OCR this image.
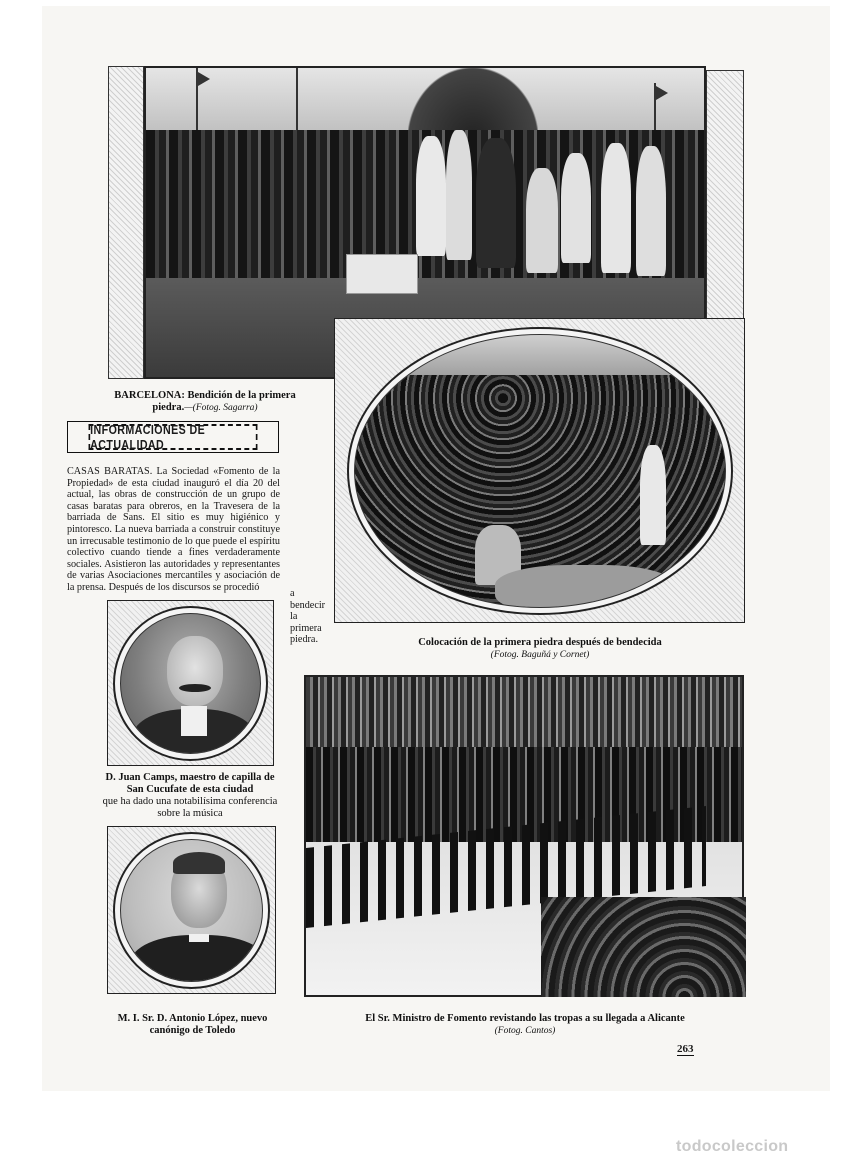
BARCELONA: Bendición de la primera piedra.—(Fotog. Sagarra)
Colocación de la primera piedra después de bendecida
(Fotog. Baguñá y Cornet)
INFORMACIONES DE ACTUALIDAD
CASAS BARATAS. La Sociedad «Fomento de la Propiedad» de esta ciudad inauguró el día 20 del actual, las obras de construcción de un grupo de casas baratas para obreros, en la Travesera de la barriada de Sans. El sitio es muy higiénico y pintoresco. La nueva barriada a construir constituye un irrecusable testimonio de lo que puede el espíritu colectivo cuando tiende a fines verdaderamente sociales. Asistieron las autoridades y representantes de varias Asociaciones mercantiles y asociación de la prensa. Después de los discursos se procedió
a bendecir la primera piedra.
D. Juan Camps, maestro de capilla de San Cucufate de esta ciudad
que ha dado una notabilísima conferencia sobre la música
M. I. Sr. D. Antonio López, nuevo canónigo de Toledo
El Sr. Ministro de Fomento revistando las tropas a su llegada a Alicante
(Fotog. Cantos)
263
todocoleccion
